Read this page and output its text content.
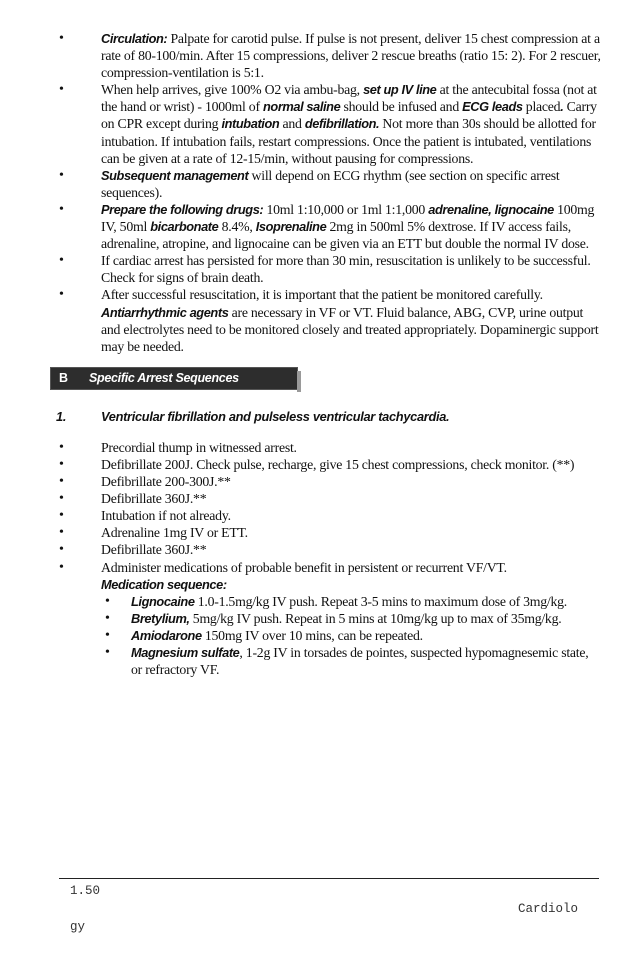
•	Circulation: Palpate for carotid pulse. If pulse is not present, deliver 15 chest compression at a rate of 80-100/min. After 15 compressions, deliver 2 rescue breaths (ratio 15: 2). For 2 rescuer, compression-ventilation is 5:1.
•	When help arrives, give 100% O2 via ambu-bag, set up IV line at the antecubital fossa (not at the hand or wrist) - 1000ml of normal saline should be infused and ECG leads placed. Carry on CPR except during intubation and defibrillation. Not more than 30s should be allotted for intubation. If intubation fails, restart compressions. Once the patient is intubated, ventilations can be given at a rate of 12-15/min, without pausing for compressions.
•	Subsequent management will depend on ECG rhythm (see section on specific arrest sequences).
•	Prepare the following drugs: 10ml 1:10,000 or 1ml 1:1,000 adrenaline, lignocaine 100mg IV, 50ml bicarbonate 8.4%, Isoprenaline 2mg in 500ml 5% dextrose. If IV access fails, adrenaline, atropine, and lignocaine can be given via an ETT but double the normal IV dose.
•	If cardiac arrest has persisted for more than 30 min, resuscitation is unlikely to be successful. Check for signs of brain death.
•	After successful resuscitation, it is important that the patient be monitored carefully. Antiarrhythmic agents are necessary in VF or VT. Fluid balance, ABG, CVP, urine output and electrolytes need to be monitored closely and treated appropriately. Dopaminergic support may be needed.
B Specific Arrest Sequences
1.	Ventricular fibrillation and pulseless ventricular tachycardia.
•	Precordial thump in witnessed arrest.
•	Defibrillate 200J. Check pulse, recharge, give 15 chest compressions, check monitor. (**)
•	Defibrillate 200-300J.**
•	Defibrillate 360J.**
•	Intubation if not already.
•	Adrenaline 1mg IV or ETT.
•	Defibrillate 360J.**
•	Administer medications of probable benefit in persistent or recurrent VF/VT.
Medication sequence:
• Lignocaine 1.0-1.5mg/kg IV push. Repeat 3-5 mins to maximum dose of 3mg/kg.
• Bretylium, 5mg/kg IV push. Repeat in 5 mins at 10mg/kg up to max of 35mg/kg.
• Amiodarone 150mg IV over 10 mins, can be repeated.
• Magnesium sulfate, 1-2g IV in torsades de pointes, suspected hypomagnesemic state, or refractory VF.
1.50
Cardiolo
gy
